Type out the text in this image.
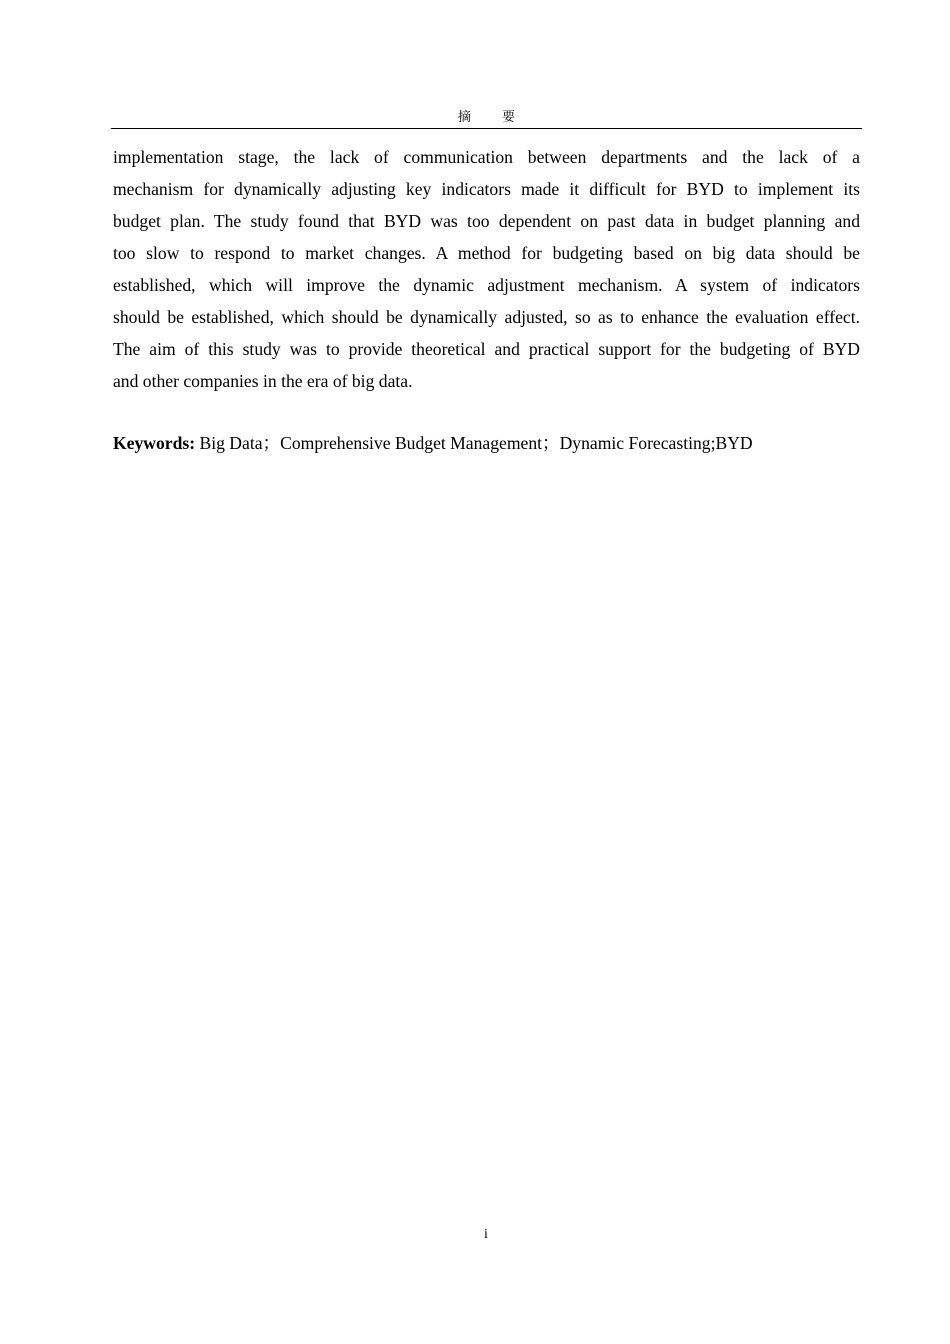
摘 要
implementation stage, the lack of communication between departments and the lack of a
mechanism for dynamically adjusting key indicators made it difficult for BYD to implement its
budget plan. The study found that BYD was too dependent on past data in budget planning and
too slow to respond to market changes. A method for budgeting based on big data should be
established, which will improve the dynamic adjustment mechanism. A system of indicators
should be established, which should be dynamically adjusted, so as to enhance the evaluation effect.
The aim of this study was to provide theoretical and practical support for the budgeting of BYD
and other companies in the era of big data.

Keywords: Big Data；Comprehensive Budget Management；Dynamic Forecasting;BYD

i
